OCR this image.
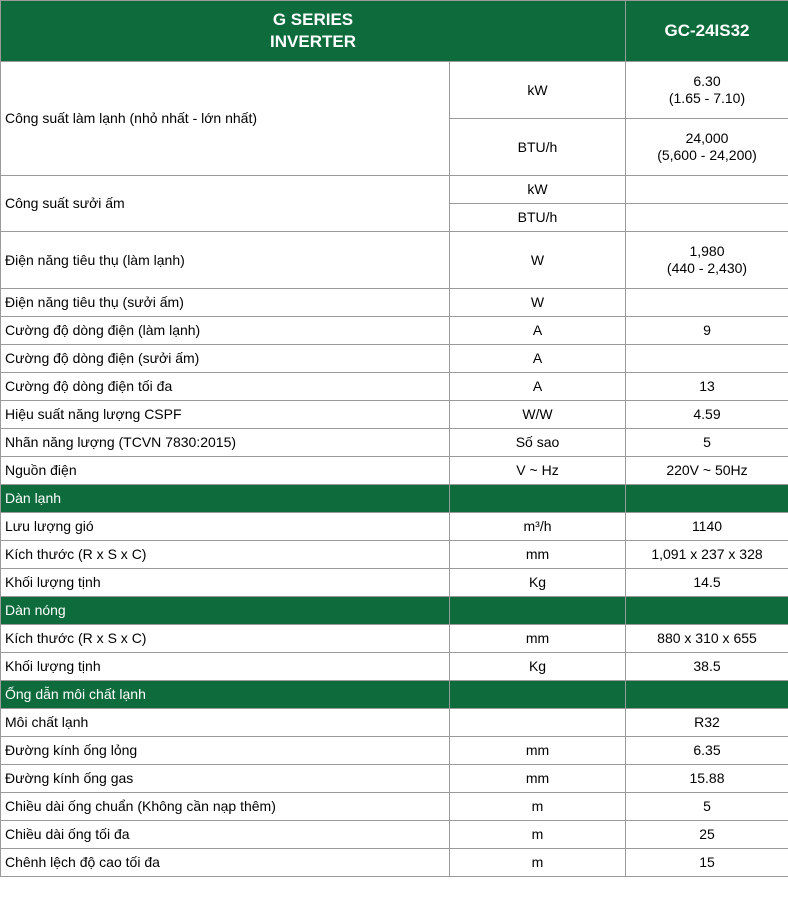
G SERIES
INVERTER		GC-24IS32
Công suất làm lạnh (nhỏ nhất - lớn nhất)	kW	6.30
(1.65 - 7.10)

	BTU/h	24,000
(5,600 - 24,200)

Công suất sưởi ấm	kW	
	BTU/h	
Điện năng tiêu thụ (làm lạnh)	W	1,980
(440 - 2,430)

Điện năng tiêu thụ (sưởi ấm)	W	
Cường độ dòng điện (làm lạnh)	A	9
Cường độ dòng điện (sưởi ấm)	A	
Cường độ dòng điện tối đa	A	13
Hiệu suất năng lượng CSPF	W/W	4.59
Nhãn năng lượng (TCVN 7830:2015)	Số sao	5
Nguồn điện	V ~ Hz	220V ~ 50Hz
Dàn lạnh		
Lưu lượng gió	m³/h	1140
Kích thước (R x S x C)	mm	1,091 x 237 x 328
Khối lượng tịnh	Kg	14.5
Dàn nóng		
Kích thước (R x S x C)	mm	880 x 310 x 655
Khối lượng tịnh	Kg	38.5
Ống dẫn môi chất lạnh		
Môi chất lạnh		R32
Đường kính ống lỏng	mm	6.35
Đường kính ống gas	mm	15.88
Chiều dài ống chuẩn (Không cần nạp thêm)	m	5
Chiều dài ống tối đa	m	25
Chênh lệch độ cao tối đa	m	15
